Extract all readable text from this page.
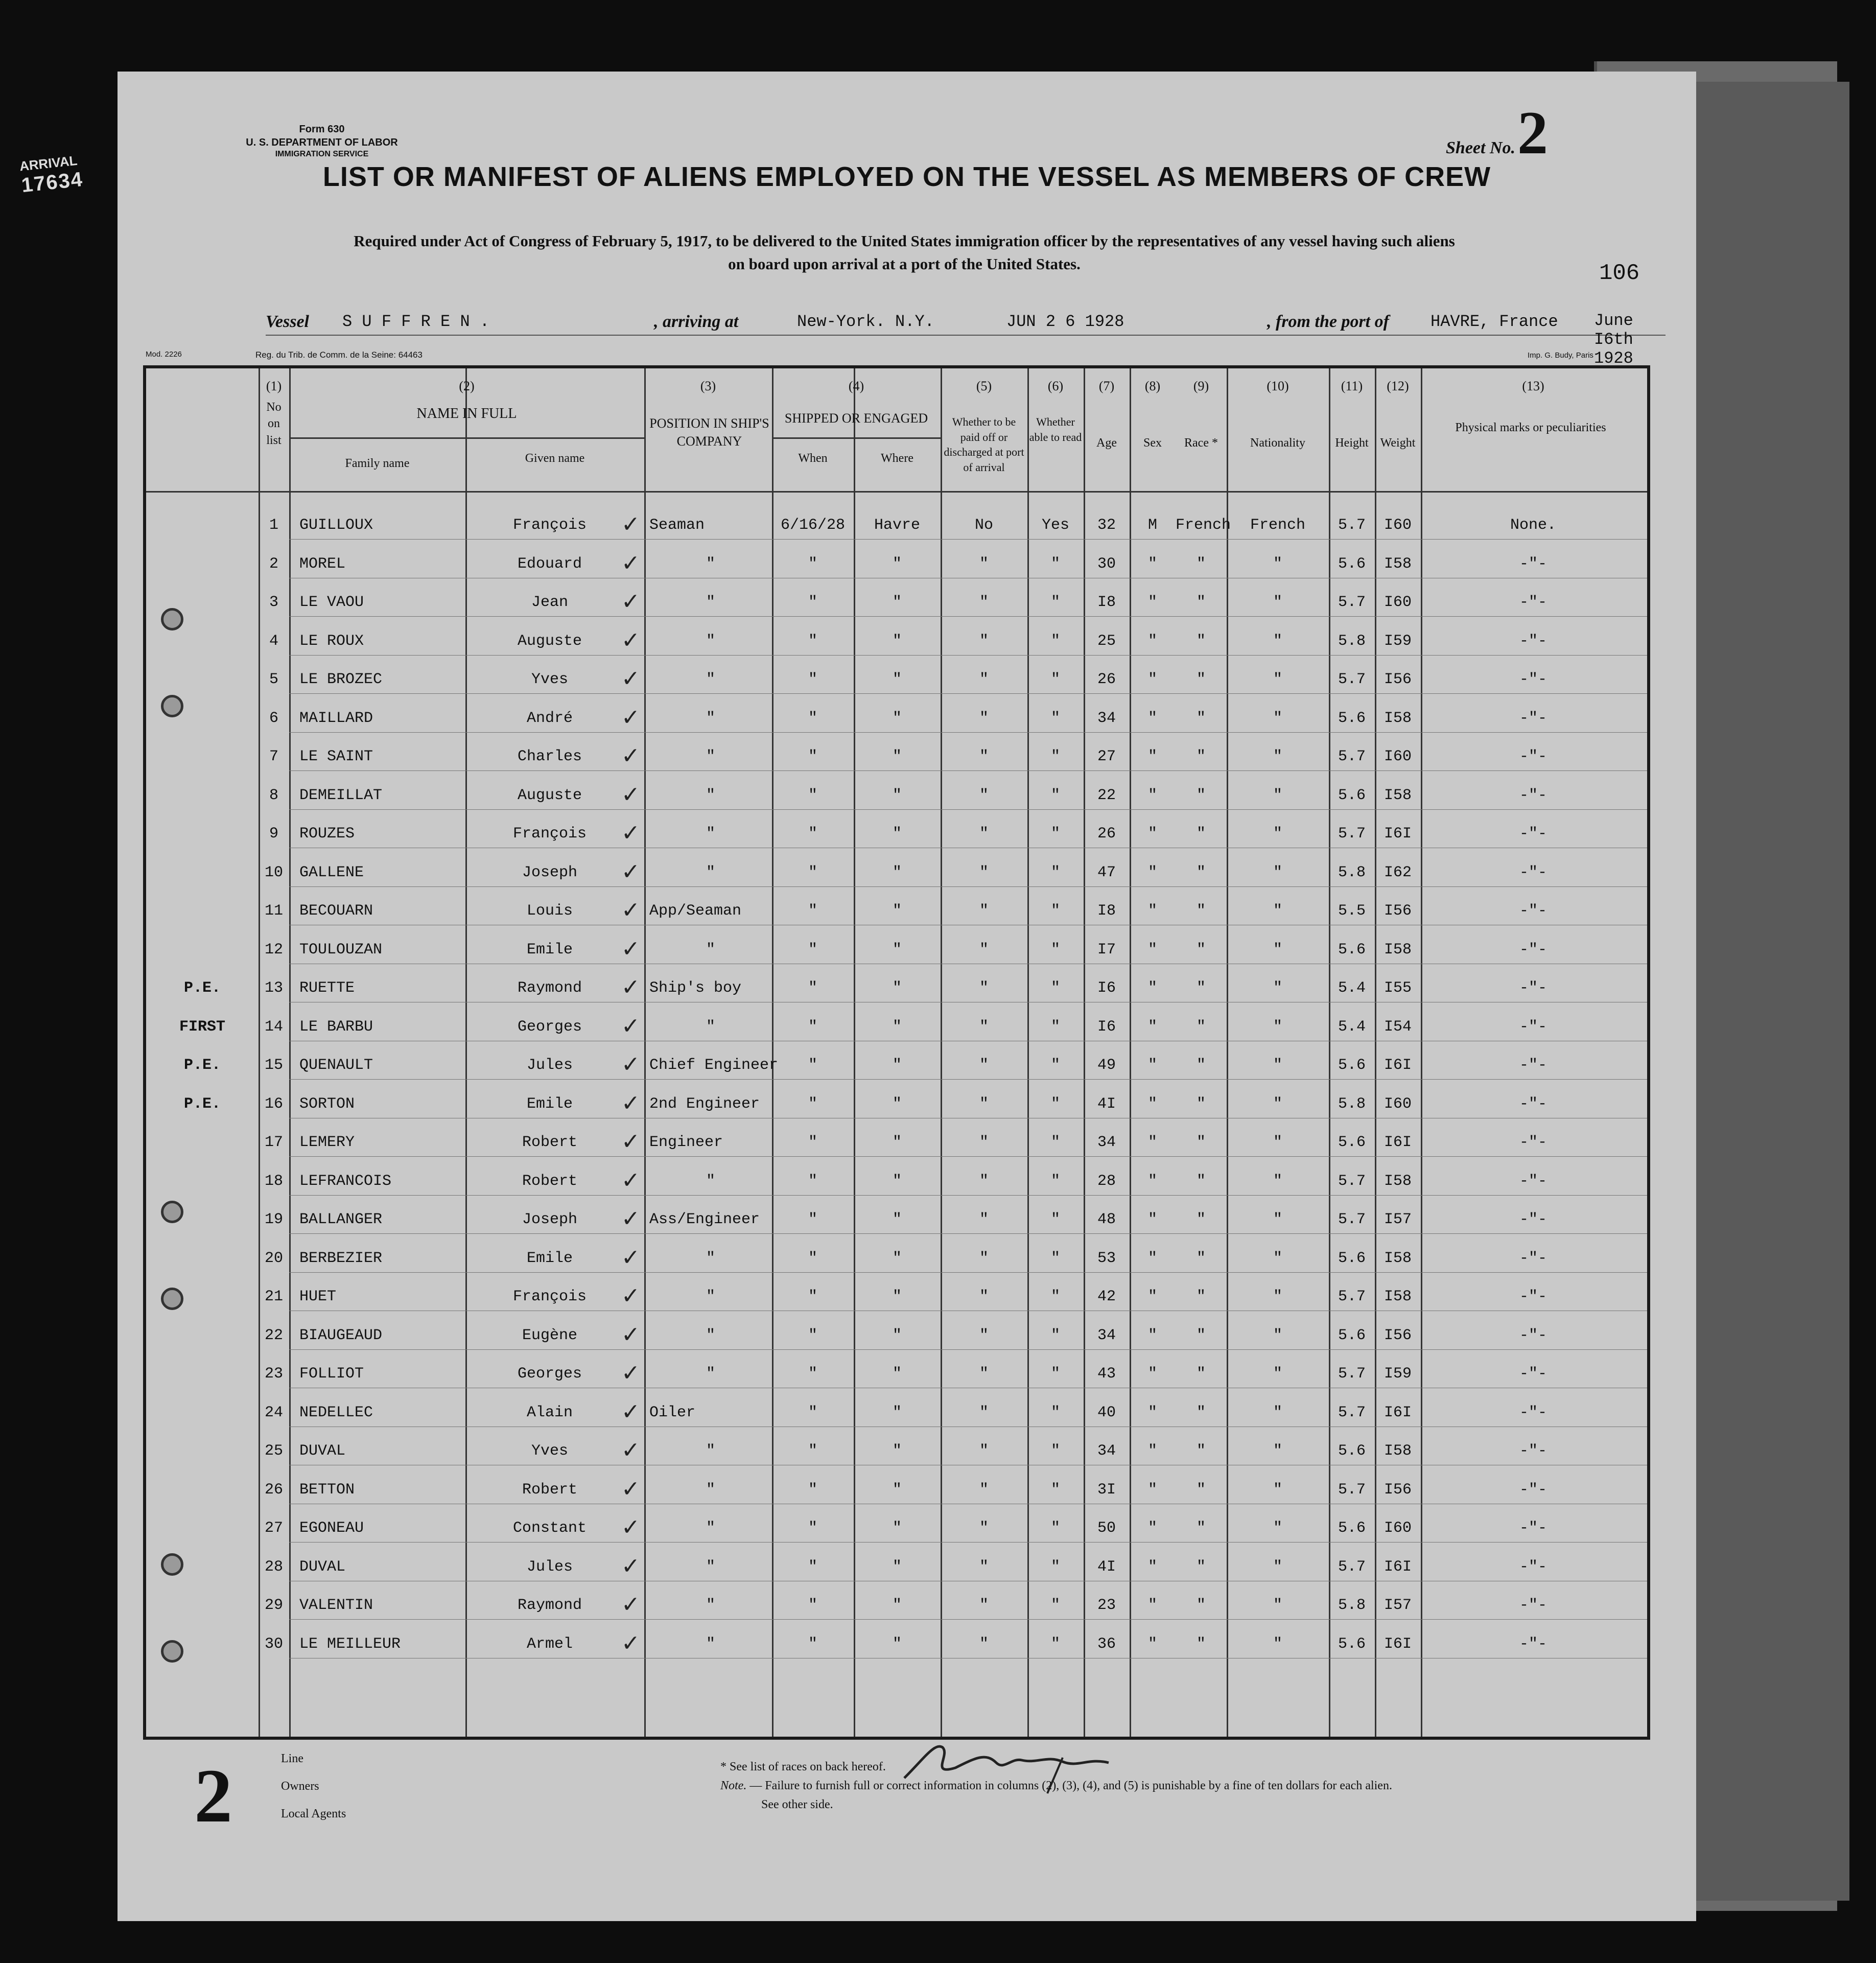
ARRIVAL
17634
Form 630
U. S. DEPARTMENT OF LABOR
IMMIGRATION SERVICE	Sheet No. 2
LIST OR MANIFEST OF ALIENS EMPLOYED ON THE VESSEL AS MEMBERS OF CREW
Required under Act of Congress of February 5, 1917, to be delivered to the United States immigration officer by the representatives of any vessel having such aliens
on board upon arrival at a port of the United States.	106
Vessel S U F F R E N .	, arriving at	New-York. N.Y.	JUN 2 6 1928	, from the port of	HAVRE, France June I6th 1928
Mod. 2226	Reg. du Trib. de Comm. de la Seine: 64463	Imp. G. Budy, Paris
(1)
No on list
(2)
NAME IN FULL
Family name	Given name
(3)
POSITION IN SHIP'S COMPANY
(4)
SHIPPED OR ENGAGED
When	Where
(5)
Whether to be paid off or discharged at port of arrival
(6)
Whether able to read
(7)
Age
(8)
Sex
(9)
Race *
(10)
Nationality
(11)
Height
(12)
Weight
(13)
Physical marks or peculiarities
1	GUILLOUX	François	Seaman	6/16/28	Havre	No	Yes	32	M	French	French	5.7	I60	None.
✓
2	MOREL	Edouard	"	"	"	"	"	30	"	"	"	5.6	I58	-"-
✓
3	LE VAOU	Jean	"	"	"	"	"	I8	"	"	"	5.7	I60	-"-
✓
4	LE ROUX	Auguste	"	"	"	"	"	25	"	"	"	5.8	I59	-"-
✓
5	LE BROZEC	Yves	"	"	"	"	"	26	"	"	"	5.7	I56	-"-
✓
6	MAILLARD	André	"	"	"	"	"	34	"	"	"	5.6	I58	-"-
✓
7	LE SAINT	Charles	"	"	"	"	"	27	"	"	"	5.7	I60	-"-
✓
8	DEMEILLAT	Auguste	"	"	"	"	"	22	"	"	"	5.6	I58	-"-
✓
9	ROUZES	François	"	"	"	"	"	26	"	"	"	5.7	I6I	-"-
✓
10	GALLENE	Joseph	"	"	"	"	"	47	"	"	"	5.8	I62	-"-
✓
11	BECOUARN	Louis	App/Seaman	"	"	"	"	I8	"	"	"	5.5	I56	-"-
✓
12	TOULOUZAN	Emile	"	"	"	"	"	I7	"	"	"	5.6	I58	-"-
✓
P.E.	13	RUETTE	Raymond	Ship's boy	"	"	"	"	I6	"	"	"	5.4	I55	-"-
✓
FIRST	14	LE BARBU	Georges	"	"	"	"	"	I6	"	"	"	5.4	I54	-"-
✓
P.E.	15	QUENAULT	Jules	Chief Engineer	"	"	"	"	49	"	"	"	5.6	I6I	-"-
✓
P.E.	16	SORTON	Emile	2nd Engineer	"	"	"	"	4I	"	"	"	5.8	I60	-"-
✓
17	LEMERY	Robert	Engineer	"	"	"	"	34	"	"	"	5.6	I6I	-"-
✓
18	LEFRANCOIS	Robert	"	"	"	"	"	28	"	"	"	5.7	I58	-"-
✓
19	BALLANGER	Joseph	Ass/Engineer	"	"	"	"	48	"	"	"	5.7	I57	-"-
✓
20	BERBEZIER	Emile	"	"	"	"	"	53	"	"	"	5.6	I58	-"-
✓
21	HUET	François	"	"	"	"	"	42	"	"	"	5.7	I58	-"-
✓
22	BIAUGEAUD	Eugène	"	"	"	"	"	34	"	"	"	5.6	I56	-"-
✓
23	FOLLIOT	Georges	"	"	"	"	"	43	"	"	"	5.7	I59	-"-
✓
24	NEDELLEC	Alain	Oiler	"	"	"	"	40	"	"	"	5.7	I6I	-"-
✓
25	DUVAL	Yves	"	"	"	"	"	34	"	"	"	5.6	I58	-"-
✓
26	BETTON	Robert	"	"	"	"	"	3I	"	"	"	5.7	I56	-"-
✓
27	EGONEAU	Constant	"	"	"	"	"	50	"	"	"	5.6	I60	-"-
✓
28	DUVAL	Jules	"	"	"	"	"	4I	"	"	"	5.7	I6I	-"-
✓
29	VALENTIN	Raymond	"	"	"	"	"	23	"	"	"	5.8	I57	-"-
✓
30	LE MEILLEUR	Armel	"	"	"	"	"	36	"	"	"	5.6	I6I	-"-
✓
Line
Owners
Local Agents
2	* See list of races on back hereof.
Note. — Failure to furnish full or correct information in columns (2), (3), (4), and (5) is punishable by a fine of ten dollars for each alien.
See other side.
